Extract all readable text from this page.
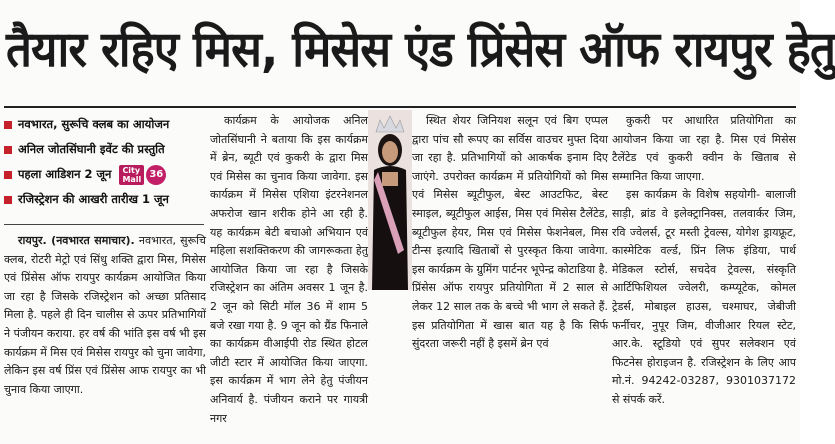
तैयार रहिए मिस, मिसेस एंड प्रिंसेस ऑफ रायपुर हेतु
नवभारत, सुरूचि क्लब का आयोजन
अनिल जोतसिंघानी इवेंट की प्रस्तुति
पहला आडिशन 2 जून	City
Mall 36
रजिस्ट्रेशन की आखरी तारीख 1 जून

रायपुर. (नवभारत समाचार). नवभारत, सुरूचि क्लब, रोटरी मेट्रो एवं सिंधु शक्ति द्वारा मिस, मिसेस एवं प्रिंसेस ऑफ रायपुर कार्यक्रम आयोजित किया जा रहा है जिसके रजिस्ट्रेशन को अच्छा प्रतिसाद मिला है. पहले ही दिन चालीस से ऊपर प्रतिभागियों ने पंजीयन कराया. हर वर्ष की भांति इस वर्ष भी इस कार्यक्रम में मिस एवं मिसेस रायपुर को चुना जावेगा, लेकिन इस वर्ष प्रिंस एवं प्रिंसेस आफ रायपुर का भी चुनाव किया जाएगा.

कार्यक्रम के आयोजक अनिल जोतसिंघानी ने बताया कि इस कार्यक्रम में ब्रेन, ब्यूटी एवं कुकरी के द्वारा मिस एवं मिसेस का चुनाव किया जावेगा. इस कार्यक्रम में मिसेस एशिया इंटरनेशनल अफरोज खान शरीक होने आ रही है. यह कार्यक्रम बेटी बचाओ अभियान एवं महिला सशक्तिकरण की जागरूकता हेतु आयोजित किया जा रहा है जिसके रजिस्ट्रेशन का अंतिम अवसर 1 जून है. 2 जून को सिटी मॉल 36 में शाम 5 बजे रखा गया है. 9 जून को ग्रैंड फिनाले का कार्यक्रम वीआईपी रोड स्थित होटल जीटी स्टार में आयोजित किया जाएगा. इस कार्यक्रम में भाग लेने हेतु पंजीयन अनिवार्य है. पंजीयन कराने पर गायत्री नगर

स्थित शेयर जिनियश सलून एवं बिग एप्पल द्वारा पांच सौ रूपए का सर्विस वाउचर मुफ्त दिया जा रहा है. प्रतिभागियों को आकर्षक इनाम दिए जाएंगे. उपरोक्त कार्यक्रम में प्रतियोगियों को मिस एवं मिसेस ब्यूटीफुल, बेस्ट आउटफिट, बेस्ट स्माइल, ब्यूटीफुल आईस, मिस एवं मिसेस टैलेंटेड, ब्यूटीफुल हेयर, मिस एवं मिसेस फेशनेबल, मिस टीन्स इत्यादि खिताबों से पुरस्कृत किया जावेगा. इस कार्यक्रम के ग्रुमिंग पार्टनर भूपेन्द्र कोटाडिया है. प्रिंसेस ऑफ रायपुर प्रतियोगिता में 2 साल से लेकर 12 साल तक के बच्चे भी भाग ले सकते हैं. इस प्रतियोगिता में खास बात यह है कि सिर्फ सुंदरता जरूरी नहीं है इसमें ब्रेन एवं

कुकरी पर आधारित प्रतियोगिता का आयोजन किया जा रहा है. मिस एवं मिसेस टैलेंटेड एवं कुकरी क्वीन के खिताब से सम्मानित किया जाएगा.

इस कार्यक्रम के विशेष सहयोगी- बालाजी साड़ी, ब्रांड वे इलेक्ट्रानिक्स, तलवार्कर जिम, रवि ज्वेलर्स, टूर मस्ती ट्रेवल्स, योगेश ड्रायफ्रूट, कास्मेटिक वर्ल्ड, प्रिंन लिफ इंडिया, पार्थ मेडिकल स्टोर्स, सचदेव ट्रेवल्स, संस्कृति आर्टिफिशियल ज्वेलरी, कम्प्यूटेक, कोमल ट्रेडर्स, मोबाइल हाउस, चश्माघर, जेबीजी फर्नीचर, नुपूर जिम, वीजीआर रियल स्टेट, आर.के. स्टूडियो एवं सुपर सलेक्शन एवं फिटनेस होराइजन है. रजिस्ट्रेशन के लिए आप मो.नं. 94242-03287, 9301037172 से संपर्क करें.
